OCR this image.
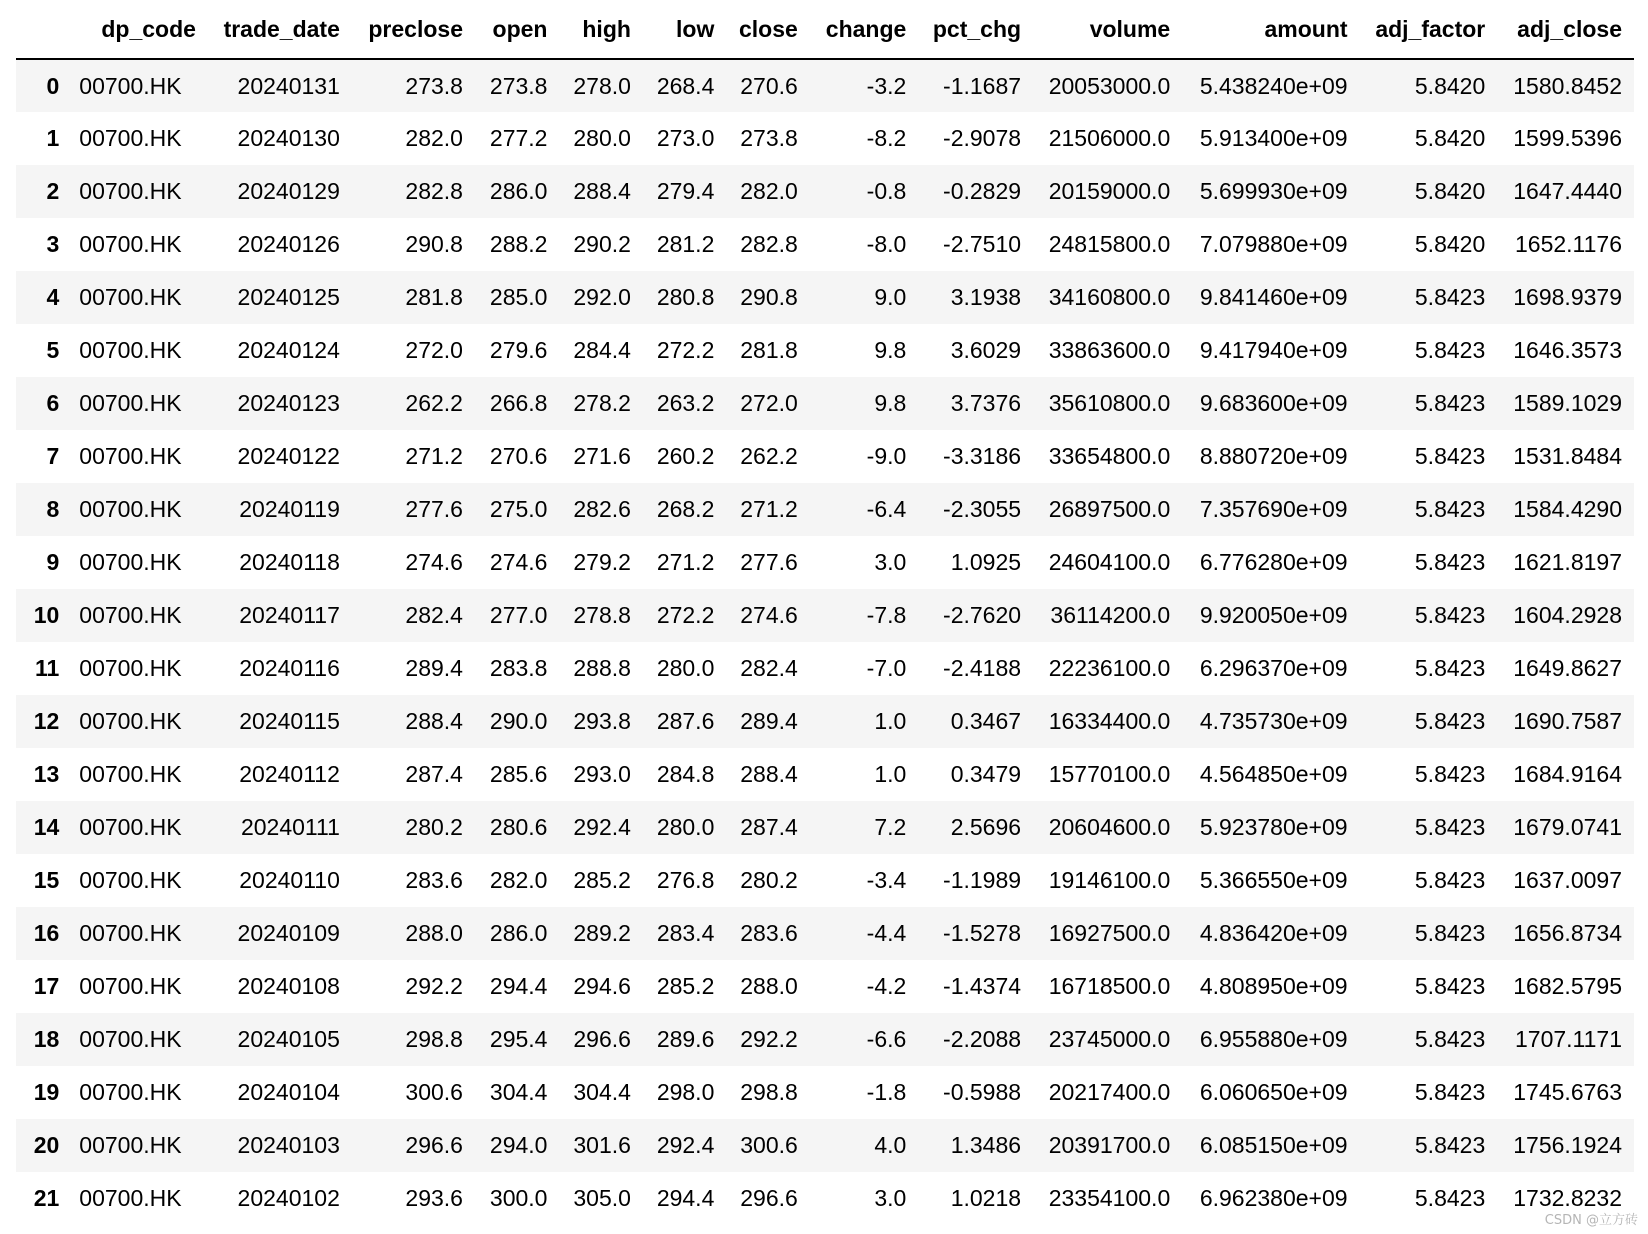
	dp_code	trade_date	preclose	open	high	low	close	change	pct_chg	volume	amount	adj_factor	adj_close
0	00700.HK	20240131	273.8	273.8	278.0	268.4	270.6	-3.2	-1.1687	20053000.0	5.438240e+09	5.8420	1580.8452
1	00700.HK	20240130	282.0	277.2	280.0	273.0	273.8	-8.2	-2.9078	21506000.0	5.913400e+09	5.8420	1599.5396
2	00700.HK	20240129	282.8	286.0	288.4	279.4	282.0	-0.8	-0.2829	20159000.0	5.699930e+09	5.8420	1647.4440
3	00700.HK	20240126	290.8	288.2	290.2	281.2	282.8	-8.0	-2.7510	24815800.0	7.079880e+09	5.8420	1652.1176
4	00700.HK	20240125	281.8	285.0	292.0	280.8	290.8	9.0	3.1938	34160800.0	9.841460e+09	5.8423	1698.9379
5	00700.HK	20240124	272.0	279.6	284.4	272.2	281.8	9.8	3.6029	33863600.0	9.417940e+09	5.8423	1646.3573
6	00700.HK	20240123	262.2	266.8	278.2	263.2	272.0	9.8	3.7376	35610800.0	9.683600e+09	5.8423	1589.1029
7	00700.HK	20240122	271.2	270.6	271.6	260.2	262.2	-9.0	-3.3186	33654800.0	8.880720e+09	5.8423	1531.8484
8	00700.HK	20240119	277.6	275.0	282.6	268.2	271.2	-6.4	-2.3055	26897500.0	7.357690e+09	5.8423	1584.4290
9	00700.HK	20240118	274.6	274.6	279.2	271.2	277.6	3.0	1.0925	24604100.0	6.776280e+09	5.8423	1621.8197
10	00700.HK	20240117	282.4	277.0	278.8	272.2	274.6	-7.8	-2.7620	36114200.0	9.920050e+09	5.8423	1604.2928
11	00700.HK	20240116	289.4	283.8	288.8	280.0	282.4	-7.0	-2.4188	22236100.0	6.296370e+09	5.8423	1649.8627
12	00700.HK	20240115	288.4	290.0	293.8	287.6	289.4	1.0	0.3467	16334400.0	4.735730e+09	5.8423	1690.7587
13	00700.HK	20240112	287.4	285.6	293.0	284.8	288.4	1.0	0.3479	15770100.0	4.564850e+09	5.8423	1684.9164
14	00700.HK	20240111	280.2	280.6	292.4	280.0	287.4	7.2	2.5696	20604600.0	5.923780e+09	5.8423	1679.0741
15	00700.HK	20240110	283.6	282.0	285.2	276.8	280.2	-3.4	-1.1989	19146100.0	5.366550e+09	5.8423	1637.0097
16	00700.HK	20240109	288.0	286.0	289.2	283.4	283.6	-4.4	-1.5278	16927500.0	4.836420e+09	5.8423	1656.8734
17	00700.HK	20240108	292.2	294.4	294.6	285.2	288.0	-4.2	-1.4374	16718500.0	4.808950e+09	5.8423	1682.5795
18	00700.HK	20240105	298.8	295.4	296.6	289.6	292.2	-6.6	-2.2088	23745000.0	6.955880e+09	5.8423	1707.1171
19	00700.HK	20240104	300.6	304.4	304.4	298.0	298.8	-1.8	-0.5988	20217400.0	6.060650e+09	5.8423	1745.6763
20	00700.HK	20240103	296.6	294.0	301.6	292.4	300.6	4.0	1.3486	20391700.0	6.085150e+09	5.8423	1756.1924
21	00700.HK	20240102	293.6	300.0	305.0	294.4	296.6	3.0	1.0218	23354100.0	6.962380e+09	5.8423	1732.8232
CSDN @立方砖
